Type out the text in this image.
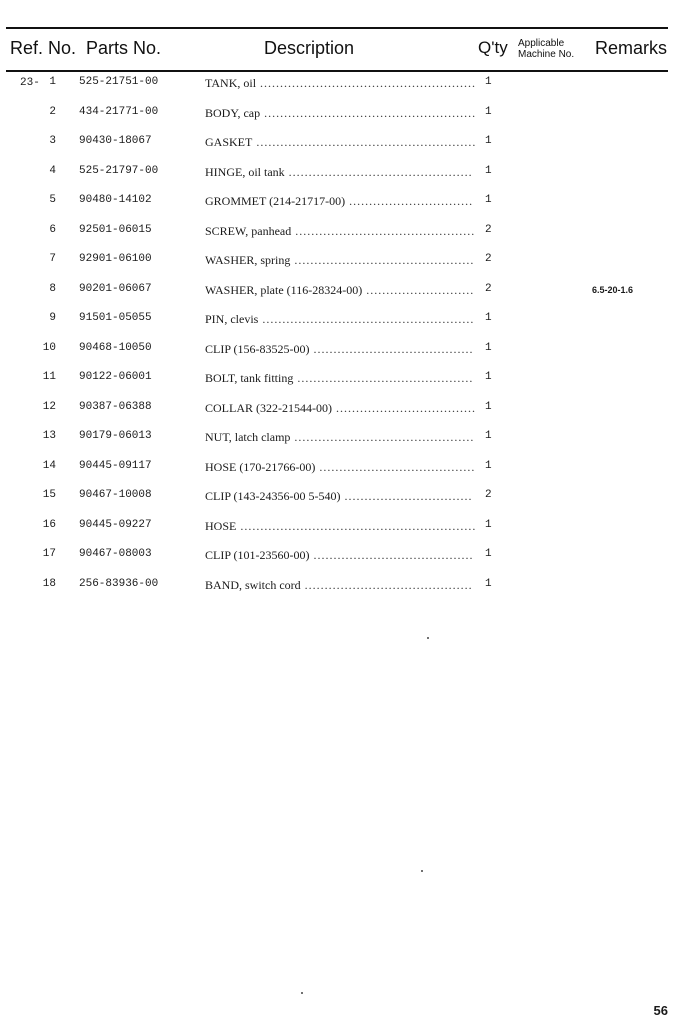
Ref. No. Parts No.	Description	Q'ty Applicable
Machine No. Remarks
23- 1 525-21751-00	TANK, oil ...................................................... 1
2 434-21771-00	BODY, cap ..................................................... 1
3 90430-18067	GASKET ....................................................... 1
4 525-21797-00	HINGE, oil tank ..............................................	1
5 90480-14102	GROMMET (214-21717-00) ...............................	1
6 92501-06015	SCREW, panhead ............................................. 2
7 92901-06100	WASHER, spring ............................................. 2
8 90201-06067	WASHER, plate (116-28324-00) ........................... 2	6.5-20-1.6
9 91501-05055	PIN, clevis ..................................................... 1
10 90468-10050	CLIP (156-83525-00) ........................................	1
11 90122-06001	BOLT, tank fitting ............................................	1
12 90387-06388	COLLAR (322-21544-00) ................................... 1
13 90179-06013	NUT, latch clamp ............................................. 1
14 90445-09117	HOSE (170-21766-00) ....................................... 1
15 90467-10008	CLIP (143-24356-00 5-540) ................................	2
16 90445-09227	HOSE ........................................................... 1
17 90467-08003	CLIP (101-23560-00) ........................................	1
18 256-83936-00	BAND, switch cord ..........................................	1
56
